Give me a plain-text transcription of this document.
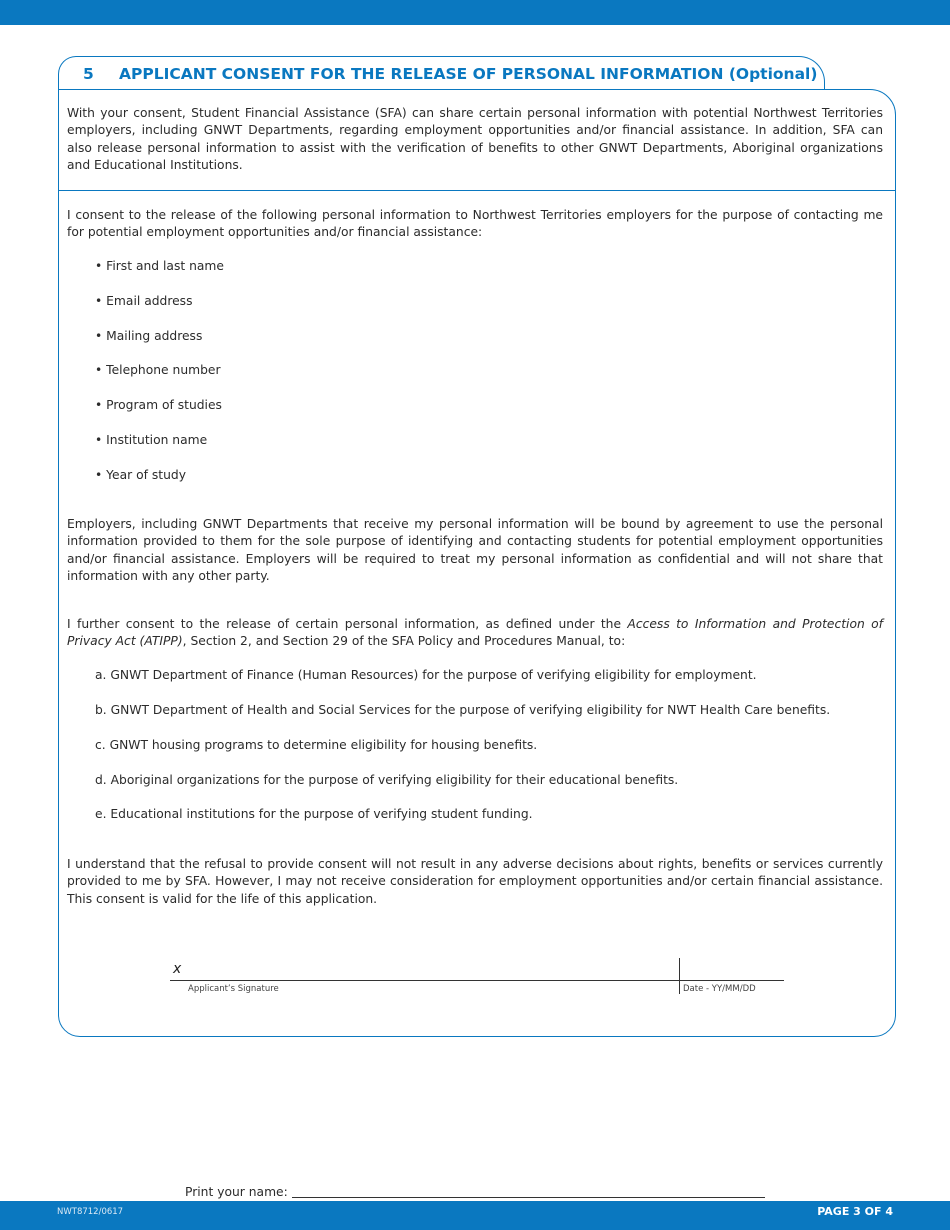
5 APPLICANT CONSENT FOR THE RELEASE OF PERSONAL INFORMATION (Optional)
With your consent, Student Financial Assistance (SFA) can share certain personal information with potential Northwest Territories employers, including GNWT Departments, regarding employment opportunities and/or financial assistance. In addition, SFA can also release personal information to assist with the verification of benefits to other GNWT Departments, Aboriginal organizations and Educational Institutions.
I consent to the release of the following personal information to Northwest Territories employers for the purpose of contacting me for potential employment opportunities and/or financial assistance:
• First and last name
• Email address
• Mailing address
• Telephone number
• Program of studies
• Institution name
• Year of study
Employers, including GNWT Departments that receive my personal information will be bound by agreement to use the personal information provided to them for the sole purpose of identifying and contacting students for potential employment opportunities and/or financial assistance. Employers will be required to treat my personal information as confidential and will not share that information with any other party.
I further consent to the release of certain personal information, as defined under the Access to Information and Protection of Privacy Act (ATIPP), Section 2, and Section 29 of the SFA Policy and Procedures Manual, to:
a. GNWT Department of Finance (Human Resources) for the purpose of verifying eligibility for employment.
b. GNWT Department of Health and Social Services for the purpose of verifying eligibility for NWT Health Care benefits.
c. GNWT housing programs to determine eligibility for housing benefits.
d. Aboriginal organizations for the purpose of verifying eligibility for their educational benefits.
e. Educational institutions for the purpose of verifying student funding.
I understand that the refusal to provide consent will not result in any adverse decisions about rights, benefits or services currently provided to me by SFA. However, I may not receive consideration for employment opportunities and/or certain financial assistance. This consent is valid for the life of this application.
x
Applicant’s Signature	Date - YY/MM/DD
Print your name:
NWT8712/0617	PAGE 3 OF 4
